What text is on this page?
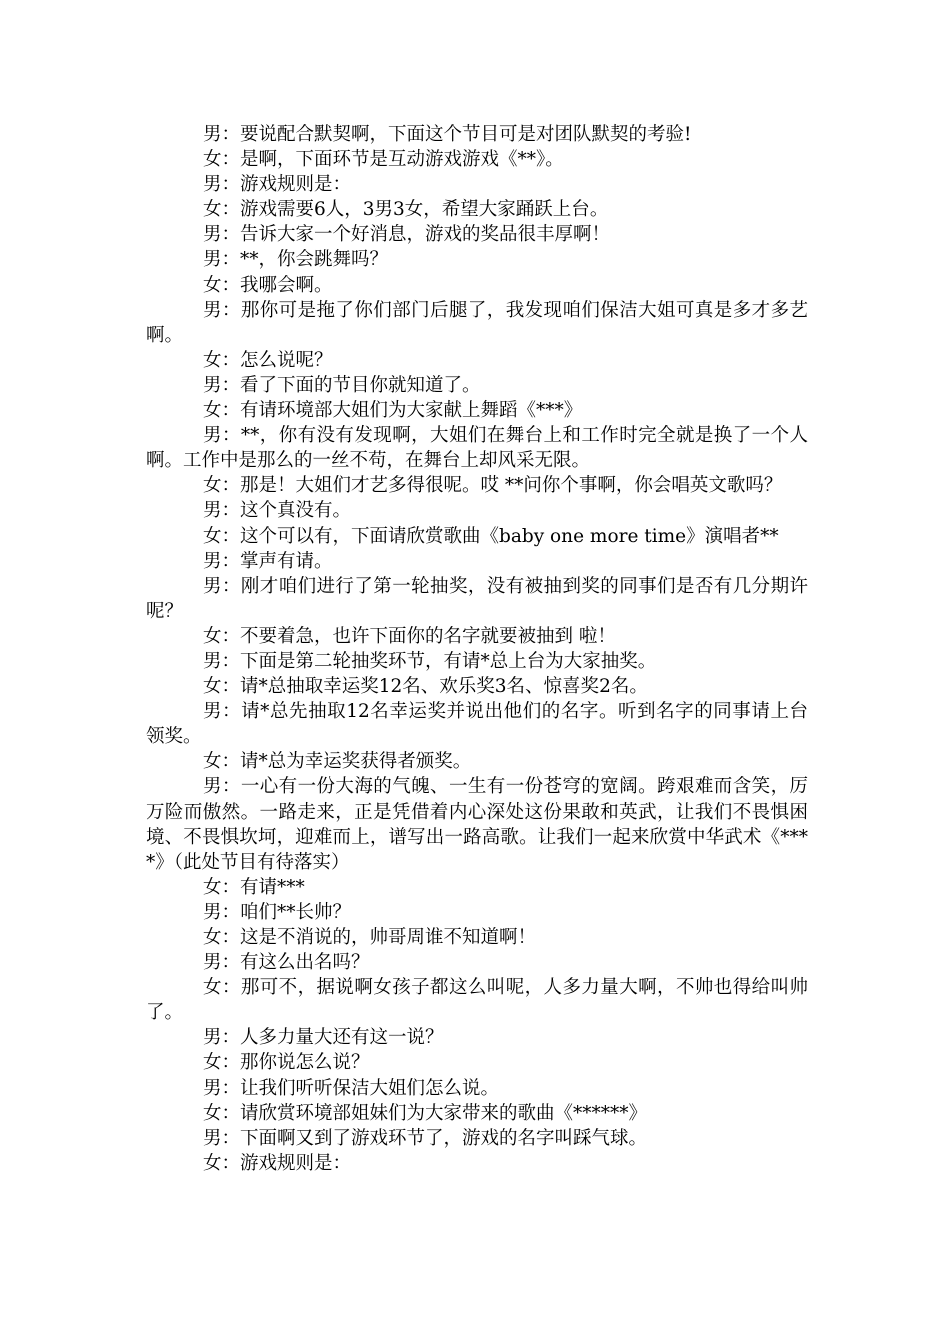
男：要说配合默契啊，下面这个节目可是对团队默契的考验!

女：是啊，下面环节是互动游戏游戏《**》。

男：游戏规则是：

女：游戏需要6人，3男3女，希望大家踊跃上台。

男：告诉大家一个好消息，游戏的奖品很丰厚啊！

男：**，你会跳舞吗？

女：我哪会啊。

男：那你可是拖了你们部门后腿了，我发现咱们保洁大姐可真是多才多艺啊。

女：怎么说呢？

男：看了下面的节目你就知道了。

女：有请环境部大姐们为大家献上舞蹈《***》

男：**，你有没有发现啊，大姐们在舞台上和工作时完全就是换了一个人啊。工作中是那么的一丝不苟，在舞台上却风采无限。

女：那是！大姐们才艺多得很呢。哎 **问你个事啊，你会唱英文歌吗？

男：这个真没有。

女：这个可以有，下面请欣赏歌曲《baby one more time》演唱者**

男：掌声有请。

男：刚才咱们进行了第一轮抽奖，没有被抽到奖的同事们是否有几分期许呢？

女：不要着急，也许下面你的名字就要被抽到 啦！

男：下面是第二轮抽奖环节，有请*总上台为大家抽奖。

女：请*总抽取幸运奖12名、欢乐奖3名、惊喜奖2名。

男：请*总先抽取12名幸运奖并说出他们的名字。听到名字的同事请上台领奖。

女：请*总为幸运奖获得者颁奖。

男：一心有一份大海的气魄、一生有一份苍穹的宽阔。跨艰难而含笑，厉万险而傲然。一路走来，正是凭借着内心深处这份果敢和英武，让我们不畏惧困境、不畏惧坎坷，迎难而上，谱写出一路高歌。让我们一起来欣赏中华武术《****》（此处节目有待落实）

女：有请***

男：咱们**长帅？

女：这是不消说的，帅哥周谁不知道啊！

男：有这么出名吗？

女：那可不，据说啊女孩子都这么叫呢，人多力量大啊，不帅也得给叫帅了。

男：人多力量大还有这一说？

女：那你说怎么说？

男：让我们听听保洁大姐们怎么说。

女：请欣赏环境部姐妹们为大家带来的歌曲《******》

男：下面啊又到了游戏环节了，游戏的名字叫踩气球。

女：游戏规则是：
